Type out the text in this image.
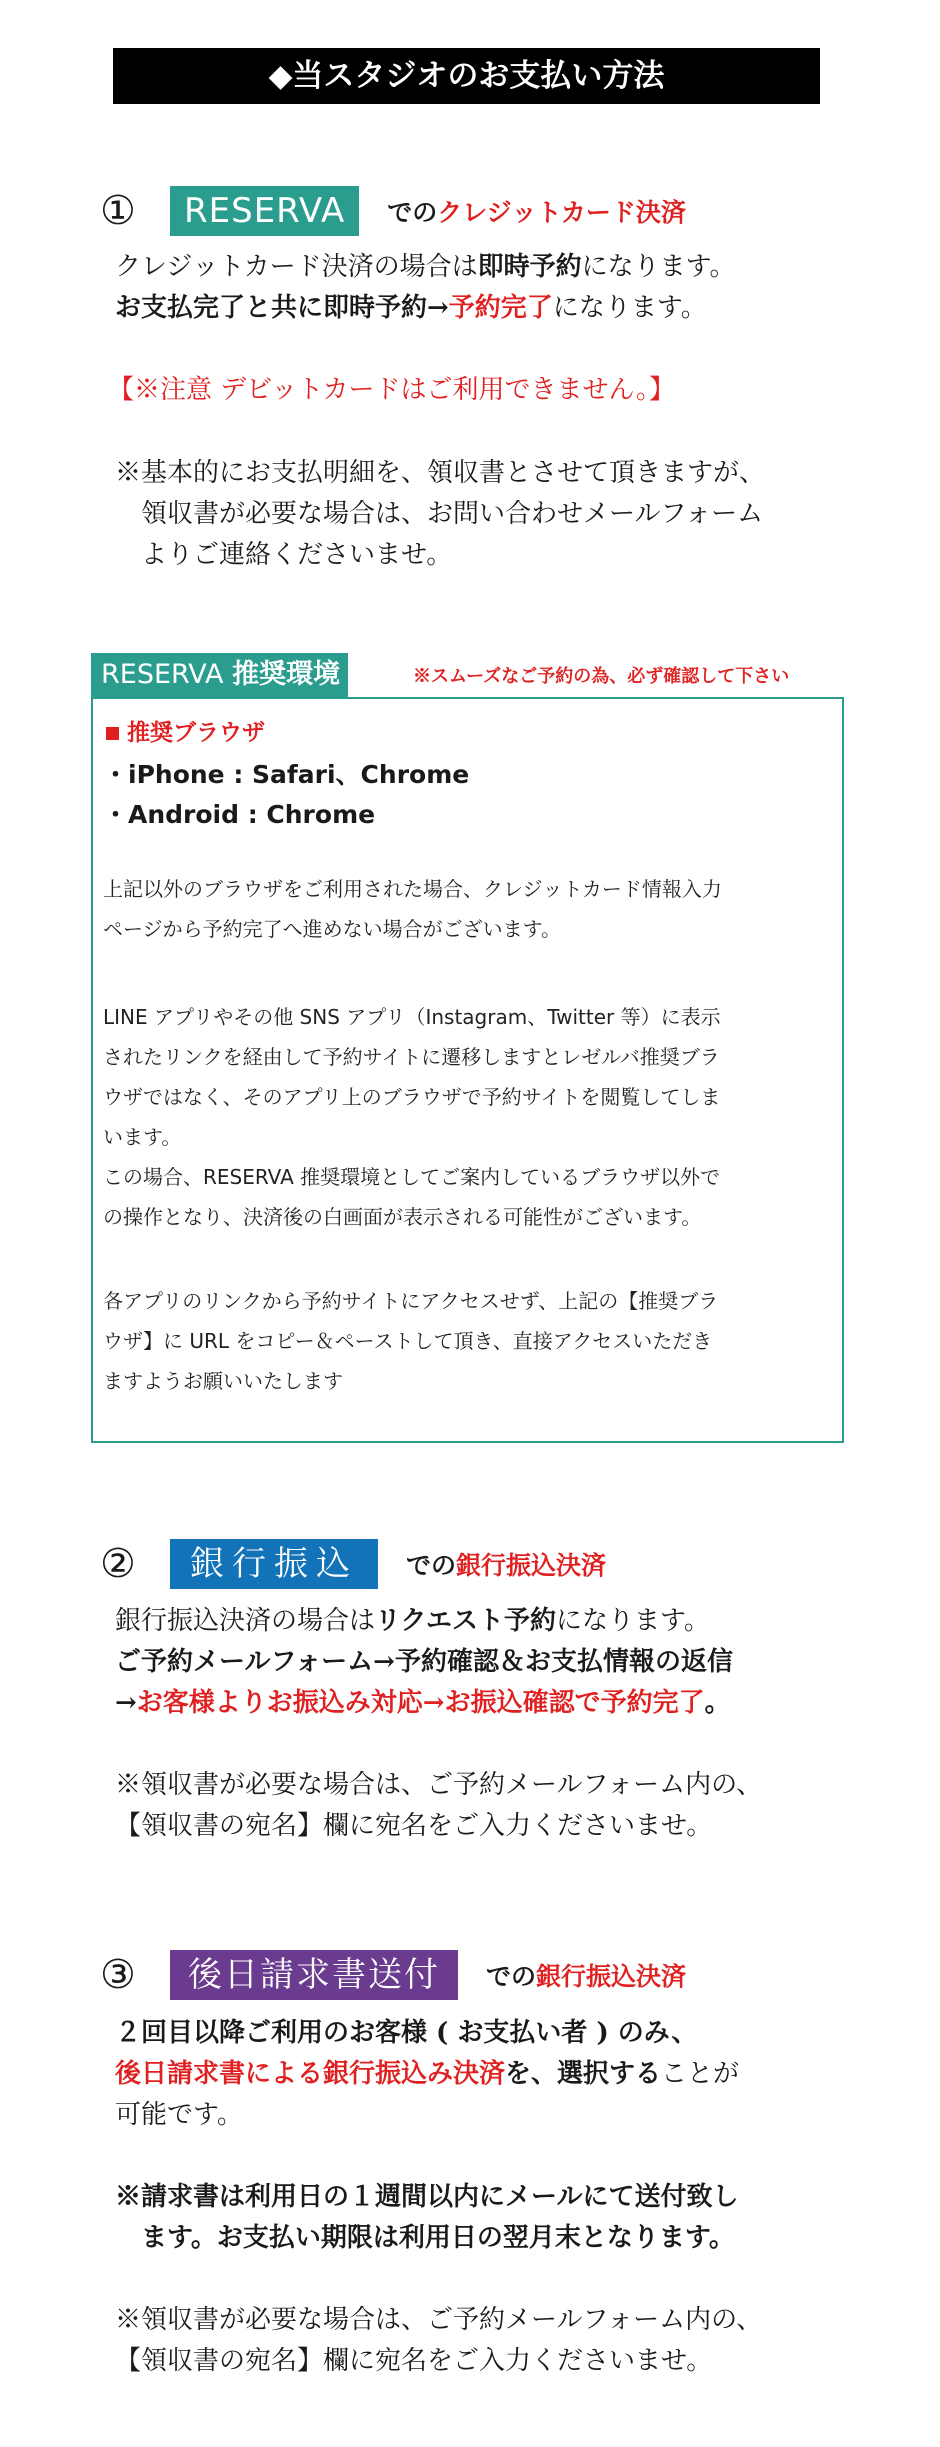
◆当スタジオのお支払い方法
①	RESERVA	でのクレジットカード決済
クレジットカード決済の場合は即時予約になります。
お支払完了と共に即時予約→予約完了になります。
【※注意 デビットカードはご利用できません。】
※基本的にお支払明細を、領収書とさせて頂きますが、
領収書が必要な場合は、お問い合わせメールフォーム
よりご連絡くださいませ。
RESERVA 推奨環境	※スムーズなご予約の為、必ず確認して下さい
推奨ブラウザ
・iPhone : Safari、Chrome
・Android : Chrome
上記以外のブラウザをご利用された場合、クレジットカード情報入力
ページから予約完了へ進めない場合がございます。
LINE アプリやその他 SNS アプリ（Instagram、Twitter 等）に表示
されたリンクを経由して予約サイトに遷移しますとレゼルバ推奨ブラ
ウザではなく、そのアプリ上のブラウザで予約サイトを閲覧してしま
います。
この場合、RESERVA 推奨環境としてご案内しているブラウザ以外で
の操作となり、決済後の白画面が表示される可能性がございます。
各アプリのリンクから予約サイトにアクセスせず、上記の【推奨ブラ
ウザ】に URL をコピー＆ペーストして頂き、直接アクセスいただき
ますようお願いいたします
②	銀行振込	での銀行振込決済
銀行振込決済の場合はリクエスト予約になります。
ご予約メールフォーム→予約確認＆お支払情報の返信
→お客様よりお振込み対応→お振込確認で予約完了。
※領収書が必要な場合は、ご予約メールフォーム内の、
【領収書の宛名】欄に宛名をご入力くださいませ。
③	後日請求書送付	での銀行振込決済
２回目以降ご利用のお客様 ( お支払い者 ) のみ、
後日請求書による銀行振込み決済を、選択することが
可能です。
※請求書は利用日の１週間以内にメールにて送付致し
ます。お支払い期限は利用日の翌月末となります。
※領収書が必要な場合は、ご予約メールフォーム内の、
【領収書の宛名】欄に宛名をご入力くださいませ。
